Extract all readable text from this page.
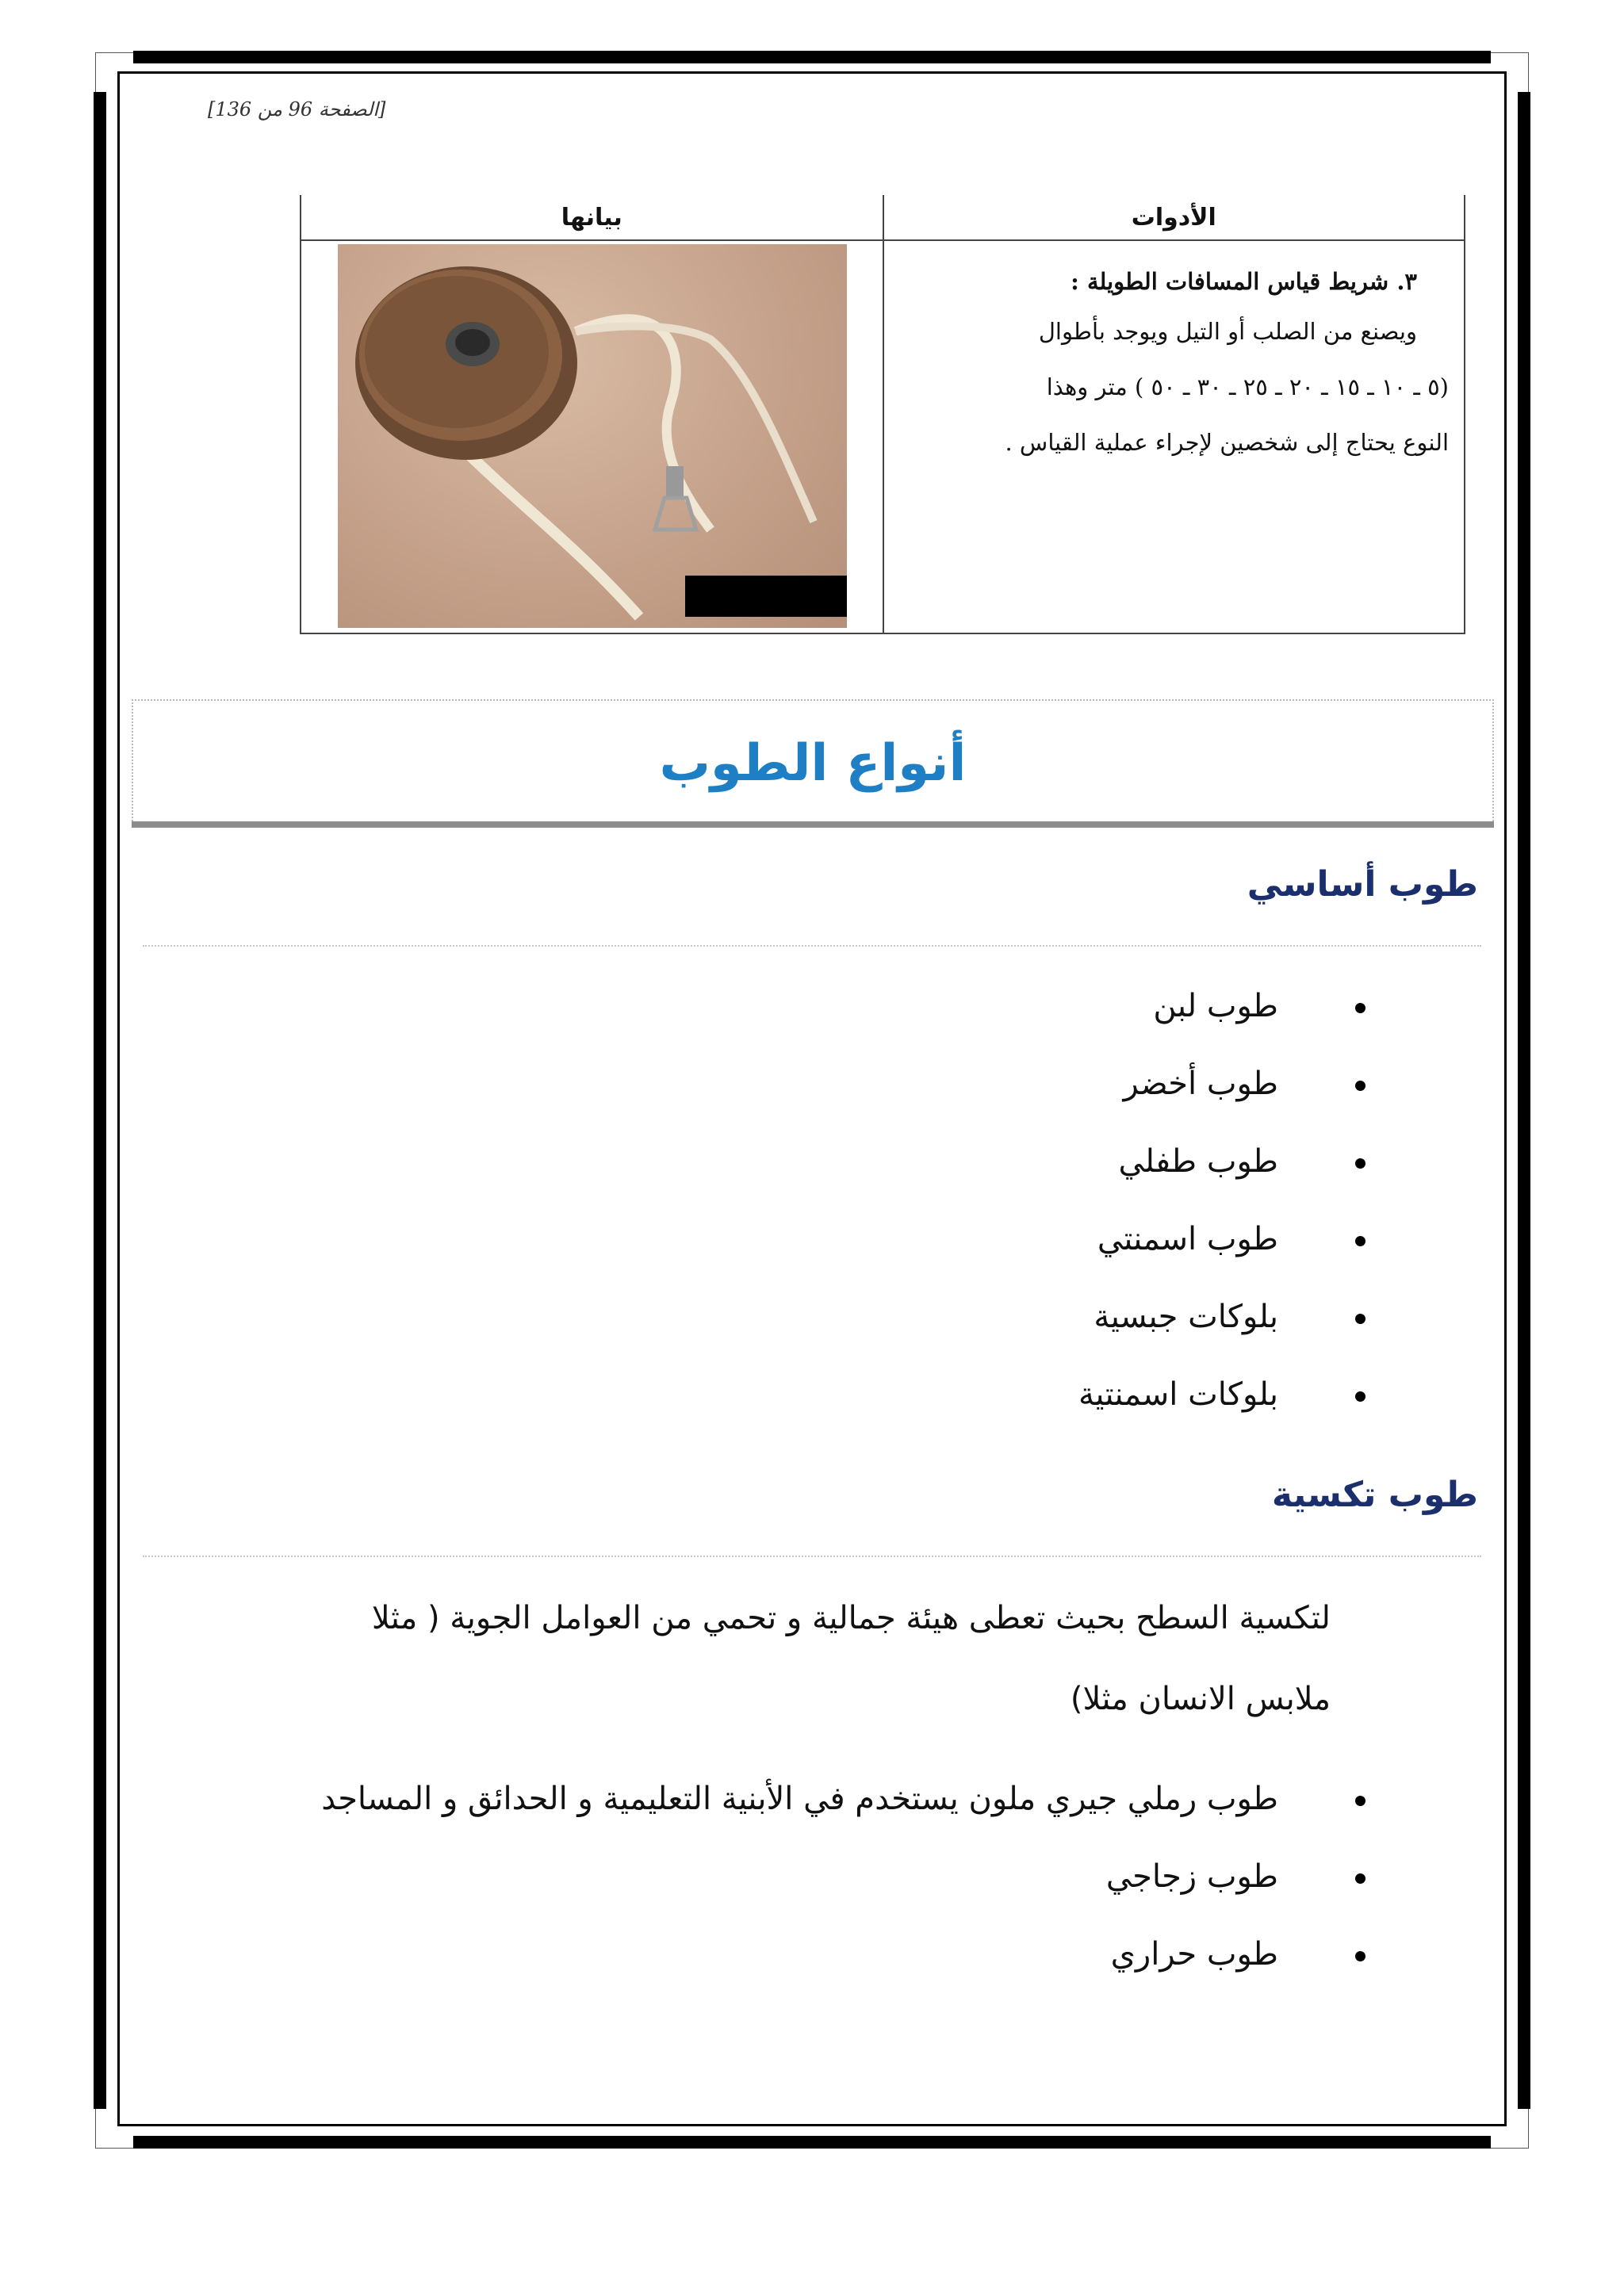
[الصفحة 96 من 136]
الأدوات	بيانها

٣. شريط قياس المسافات الطويلة :
ويصنع من الصلب أو التيل ويوجد بأطوال
(٥ ـ ١٠ ـ ١٥ ـ ٢٠ ـ ٢٥ ـ ٣٠ ـ ٥٠ ) متر وهذا
النوع يحتاج إلى شخصين لإجراء عملية القياس .

أنواع الطوب
طوب أساسي
طوب لبن
طوب أخضر
طوب طفلي
طوب اسمنتي
بلوكات جبسية
بلوكات اسمنتية
طوب تكسية
لتكسية السطح بحيث تعطى هيئة جمالية و تحمي من العوامل الجوية ( مثلا
ملابس الانسان مثلا)
طوب رملي جيري ملون يستخدم في الأبنية التعليمية و الحدائق و المساجد
طوب زجاجي
طوب حراري
